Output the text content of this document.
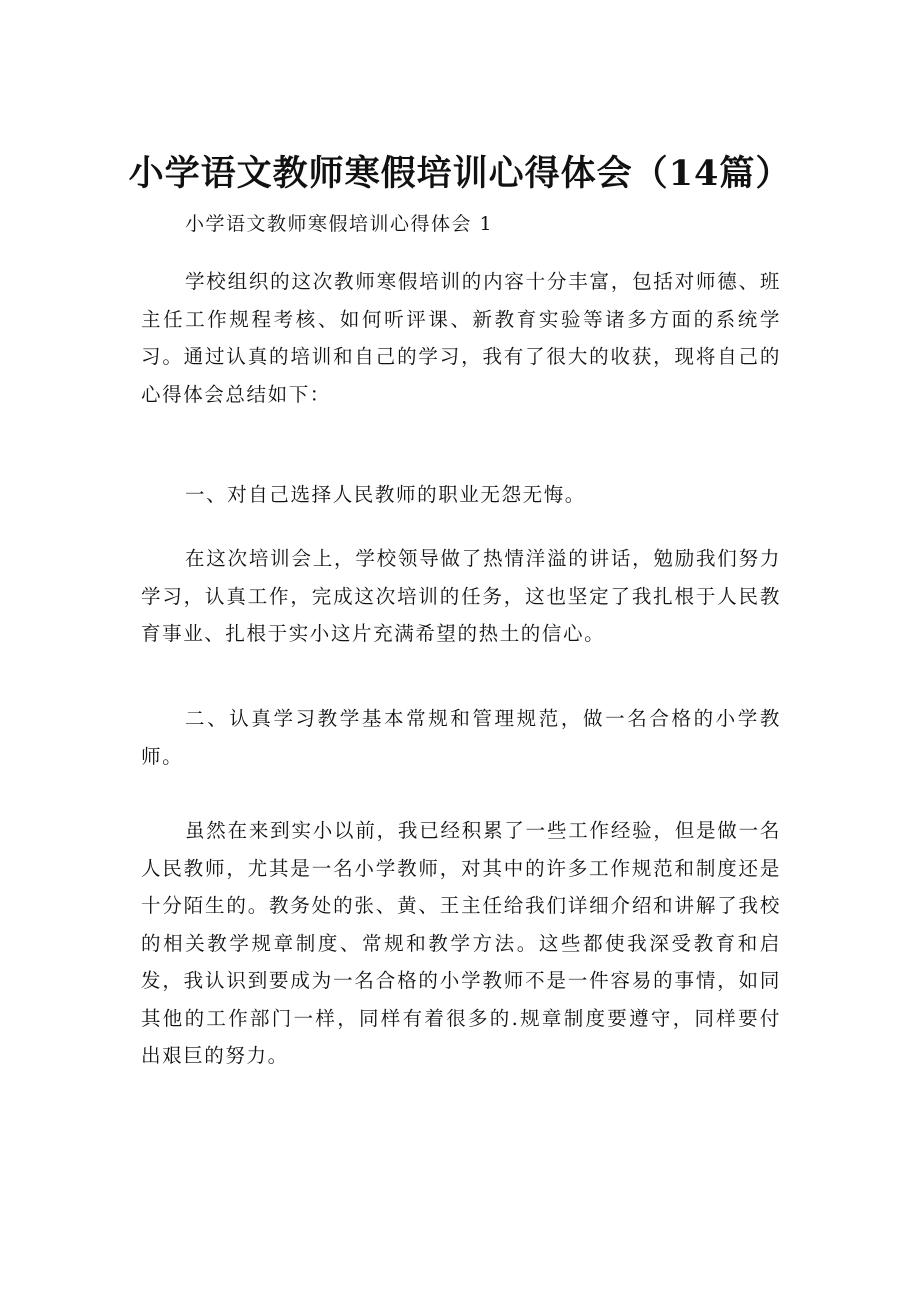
小学语文教师寒假培训心得体会（14篇）

小学语文教师寒假培训心得体会 1

学校组织的这次教师寒假培训的内容十分丰富，包括对师德、班主任工作规程考核、如何听评课、新教育实验等诸多方面的系统学习。通过认真的培训和自己的学习，我有了很大的收获，现将自己的心得体会总结如下：

一、对自己选择人民教师的职业无怨无悔。

在这次培训会上，学校领导做了热情洋溢的讲话，勉励我们努力学习，认真工作，完成这次培训的任务，这也坚定了我扎根于人民教育事业、扎根于实小这片充满希望的热土的信心。

二、认真学习教学基本常规和管理规范，做一名合格的小学教师。

虽然在来到实小以前，我已经积累了一些工作经验，但是做一名人民教师，尤其是一名小学教师，对其中的许多工作规范和制度还是十分陌生的。教务处的张、黄、王主任给我们详细介绍和讲解了我校的相关教学规章制度、常规和教学方法。这些都使我深受教育和启发，我认识到要成为一名合格的小学教师不是一件容易的事情，如同其他的工作部门一样，同样有着很多的.规章制度要遵守，同样要付出艰巨的努力。
